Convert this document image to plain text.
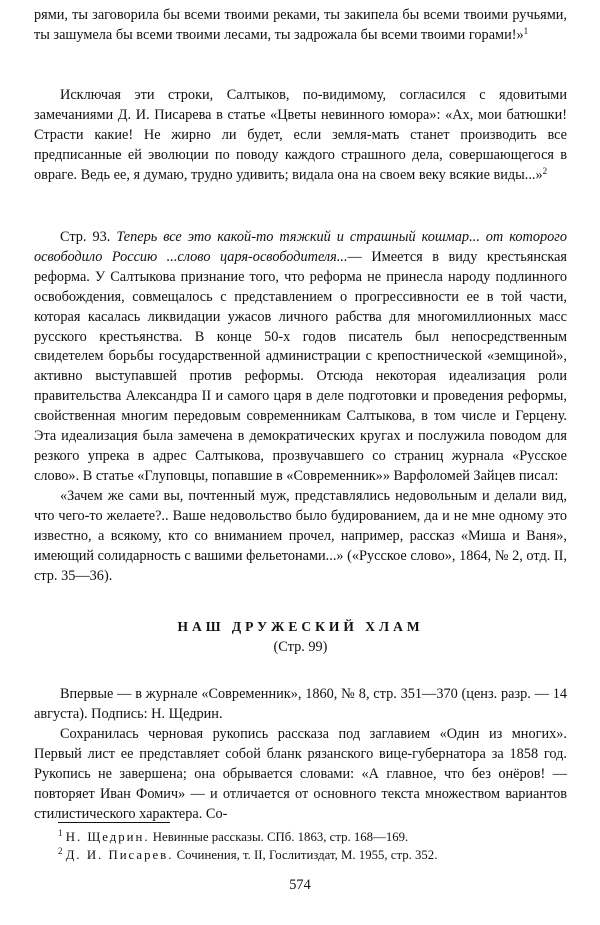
рями, ты заговорила бы всеми твоими реками, ты закипела бы всеми твоими ручьями, ты зашумела бы всеми твоими лесами, ты задрожала бы всеми твоими горами!»$^1$

Исключая эти строки, Салтыков, по-видимому, согласился с ядовитыми замечаниями Д. И. Писарева в статье «Цветы невинного юмора»: «Ах, мои батюшки! Страсти какие! Не жирно ли будет, если земля-мать станет производить все предписанные ей эволюции по поводу каждого страшного дела, совершающегося в овраге. Ведь ее, я думаю, трудно удивить; видала она на своем веку всякие виды...»$^2$

Стр. 93. Теперь все это какой-то тяжкий и страшный кошмар... от которого освободило Россию ...слово царя-освободителя...— Имеется в виду крестьянская реформа. У Салтыкова признание того, что реформа не принесла народу подлинного освобождения, совмещалось с представлением о прогрессивности ее в той части, которая касалась ликвидации ужасов личного рабства для многомиллионных масс русского крестьянства. В конце 50-х годов писатель был непосредственным свидетелем борьбы государственной администрации с крепостнической «земщиной», активно выступавшей против реформы. Отсюда некоторая идеализация роли правительства Александра II и самого царя в деле подготовки и проведения реформы, свойственная многим передовым современникам Салтыкова, в том числе и Герцену. Эта идеализация была замечена в демократических кругах и послужила поводом для резкого упрека в адрес Салтыкова, прозвучавшего со страниц журнала «Русское слово». В статье «Глуповцы, попавшие в «Современник»» Варфоломей Зайцев писал:

«Зачем же сами вы, почтенный муж, представлялись недовольным и делали вид, что чего-то желаете?.. Ваше недовольство было будированием, да и не мне одному это известно, а всякому, кто со вниманием прочел, например, рассказ «Миша и Ваня», имеющий солидарность с вашими фельетонами...» («Русское слово», 1864, № 2, отд. II, стр. 35—36).

НАШ ДРУЖЕСКИЙ ХЛАМ

(Стр. 99)

Впервые — в журнале «Современник», 1860, № 8, стр. 351—370 (ценз. разр. — 14 августа). Подпись: Н. Щедрин.

Сохранилась черновая рукопись рассказа под заглавием «Один из многих». Первый лист ее представляет собой бланк рязанского вице-губернатора за 1858 год. Рукопись не завершена; она обрывается словами: «А главное, что без онёров! — повторяет Иван Фомич» — и отличается от основного текста множеством вариантов стилистического характера. Со-

$^1$ Н. Щедрин. Невинные рассказы. СПб. 1863, стр. 168—169.

$^2$ Д. И. Писарев. Сочинения, т. II, Гослитиздат, М. 1955, стр. 352.

574
